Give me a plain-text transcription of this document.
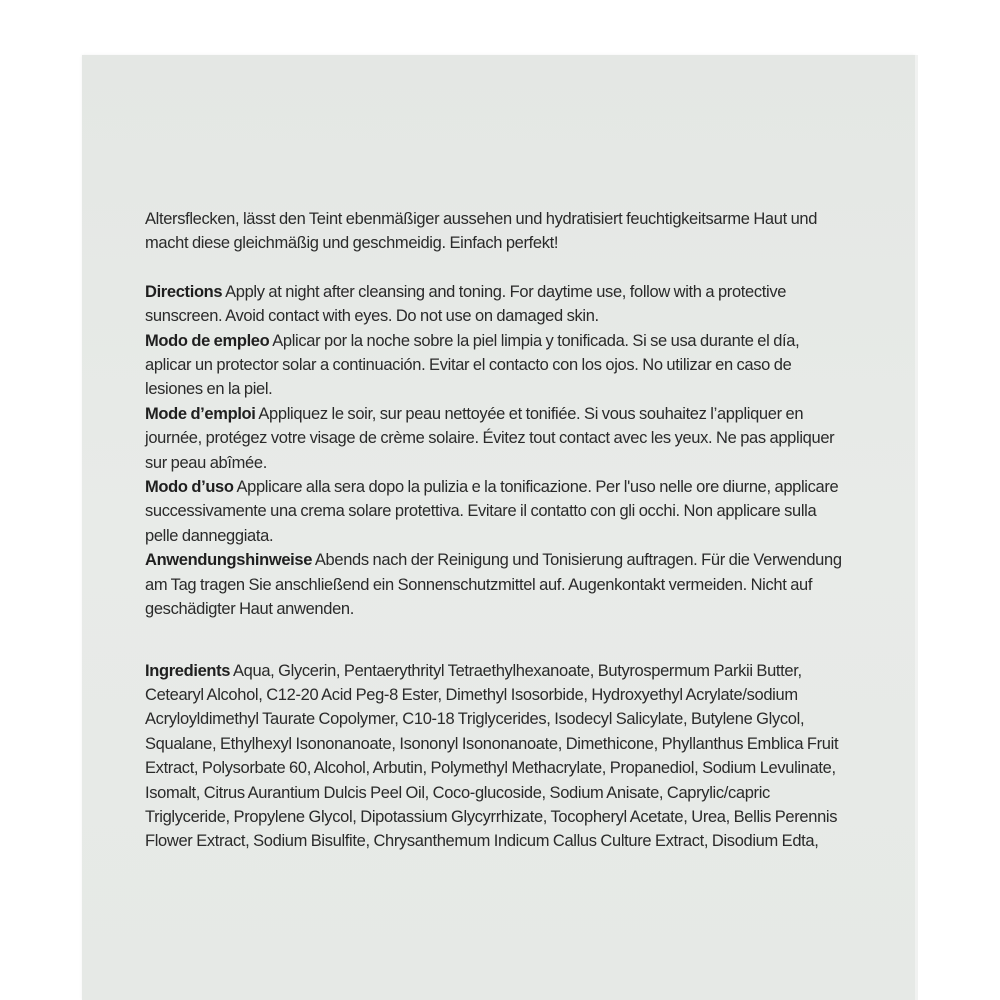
Altersflecken, lässt den Teint ebenmäßiger aussehen und hydratisiert feuchtigkeitsarme Haut und macht diese gleichmäßig und geschmeidig. Einfach perfekt!

Directions Apply at night after cleansing and toning. For daytime use, follow with a protective sunscreen. Avoid contact with eyes. Do not use on damaged skin.

Modo de empleo Aplicar por la noche sobre la piel limpia y tonificada. Si se usa durante el día, aplicar un protector solar a continuación. Evitar el contacto con los ojos. No utilizar en caso de lesiones en la piel.

Mode d’emploi Appliquez le soir, sur peau nettoyée et tonifiée. Si vous souhaitez l’appliquer en journée, protégez votre visage de crème solaire. Évitez tout contact avec les yeux. Ne pas appliquer sur peau abîmée.

Modo d’uso Applicare alla sera dopo la pulizia e la tonificazione. Per l'uso nelle ore diurne, applicare successivamente una crema solare protettiva. Evitare il contatto con gli occhi. Non applicare sulla pelle danneggiata.

Anwendungshinweise Abends nach der Reinigung und Tonisierung auftragen. Für die Verwendung am Tag tragen Sie anschließend ein Sonnenschutzmittel auf. Augenkontakt vermeiden. Nicht auf geschädigter Haut anwenden.

Ingredients Aqua, Glycerin, Pentaerythrityl Tetraethylhexanoate, Butyrospermum Parkii Butter, Cetearyl Alcohol, C12-20 Acid Peg-8 Ester, Dimethyl Isosorbide, Hydroxyethyl Acrylate/sodium Acryloyldimethyl Taurate Copolymer, C10-18 Triglycerides, Isodecyl Salicylate, Butylene Glycol, Squalane, Ethylhexyl Isononanoate, Isononyl Isononanoate, Dimethicone, Phyllanthus Emblica Fruit Extract, Polysorbate 60, Alcohol, Arbutin, Polymethyl Methacrylate, Propanediol, Sodium Levulinate, Isomalt, Citrus Aurantium Dulcis Peel Oil, Coco-glucoside, Sodium Anisate, Caprylic/capric Triglyceride, Propylene Glycol, Dipotassium Glycyrrhizate, Tocopheryl Acetate, Urea, Bellis Perennis Flower Extract, Sodium Bisulfite, Chrysanthemum Indicum Callus Culture Extract, Disodium Edta,
